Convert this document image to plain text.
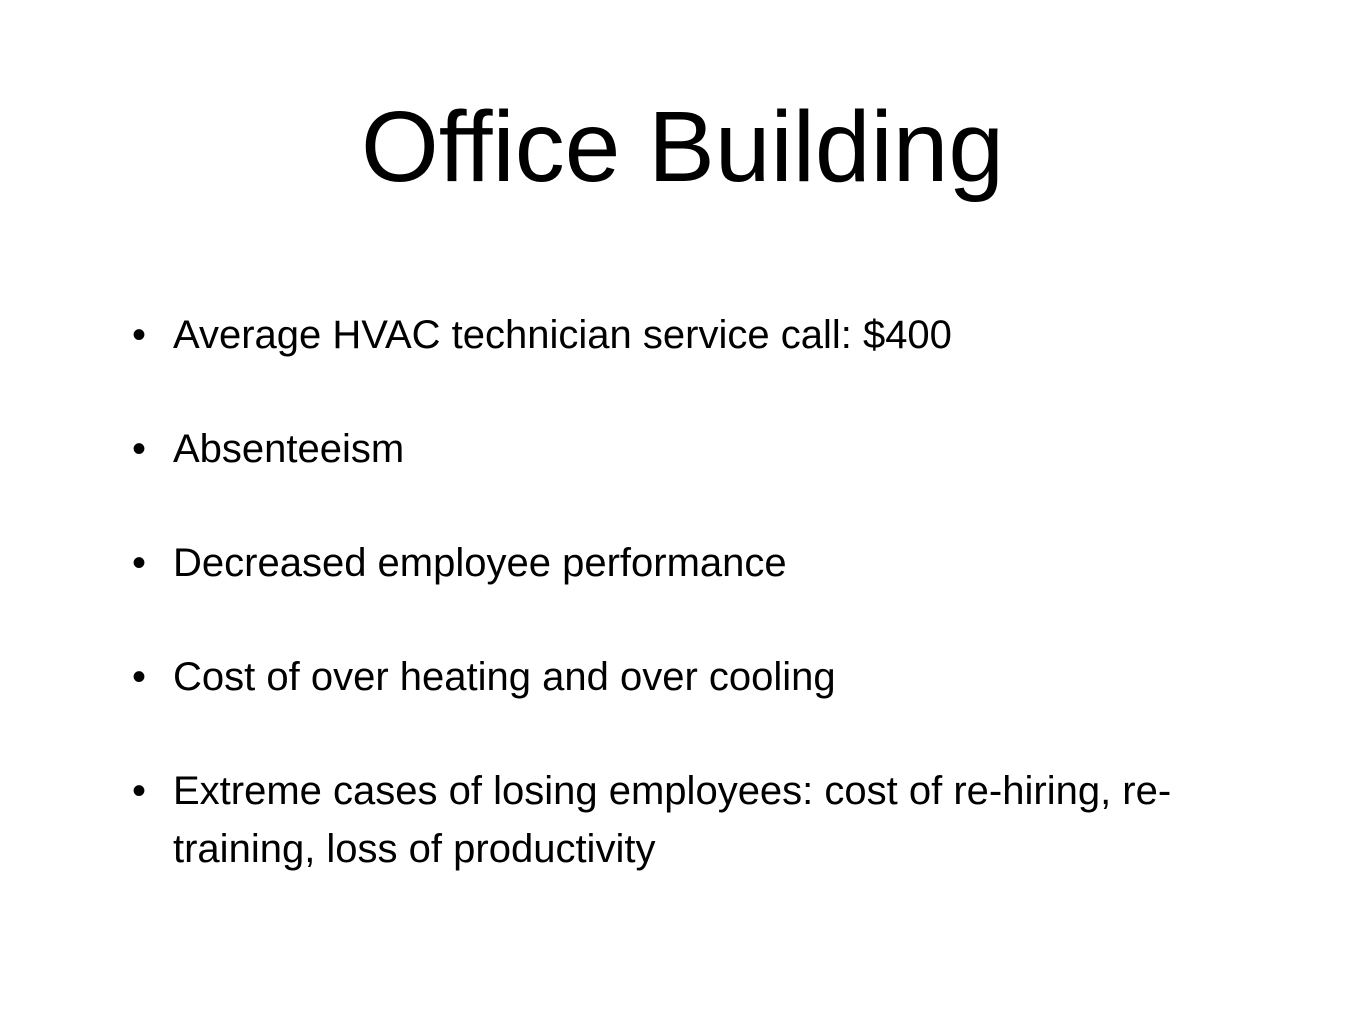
Office Building
• Average HVAC technician service call: $400
• Absenteeism
• Decreased employee performance
• Cost of over heating and over cooling
• Extreme cases of losing employees: cost of re-hiring, re-training, loss of productivity
